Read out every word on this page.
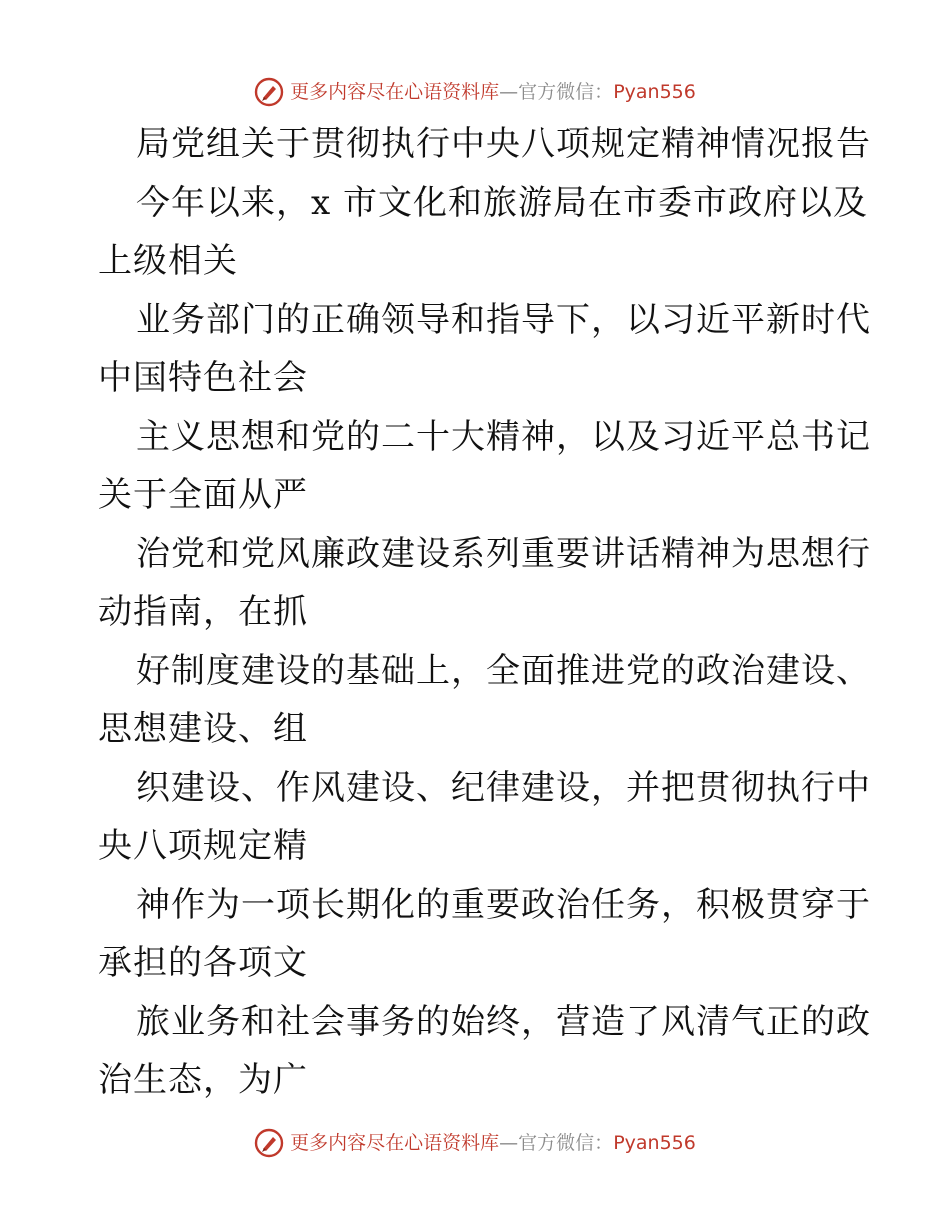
更多内容尽在心语资料库 — 官方微信： Pyan556
局党组关于贯彻执行中央八项规定精神情况报告
今年以来，x 市文化和旅游局在市委市政府以及
上级相关
业务部门的正确领导和指导下，以习近平新时代
中国特色社会
主义思想和党的二十大精神，以及习近平总书记
关于全面从严
治党和党风廉政建设系列重要讲话精神为思想行
动指南，在抓
好制度建设的基础上，全面推进党的政治建设、
思想建设、组
织建设、作风建设、纪律建设，并把贯彻执行中
央八项规定精
神作为一项长期化的重要政治任务，积极贯穿于
承担的各项文
旅业务和社会事务的始终，营造了风清气正的政
治生态，为广
更多内容尽在心语资料库 — 官方微信： Pyan556
